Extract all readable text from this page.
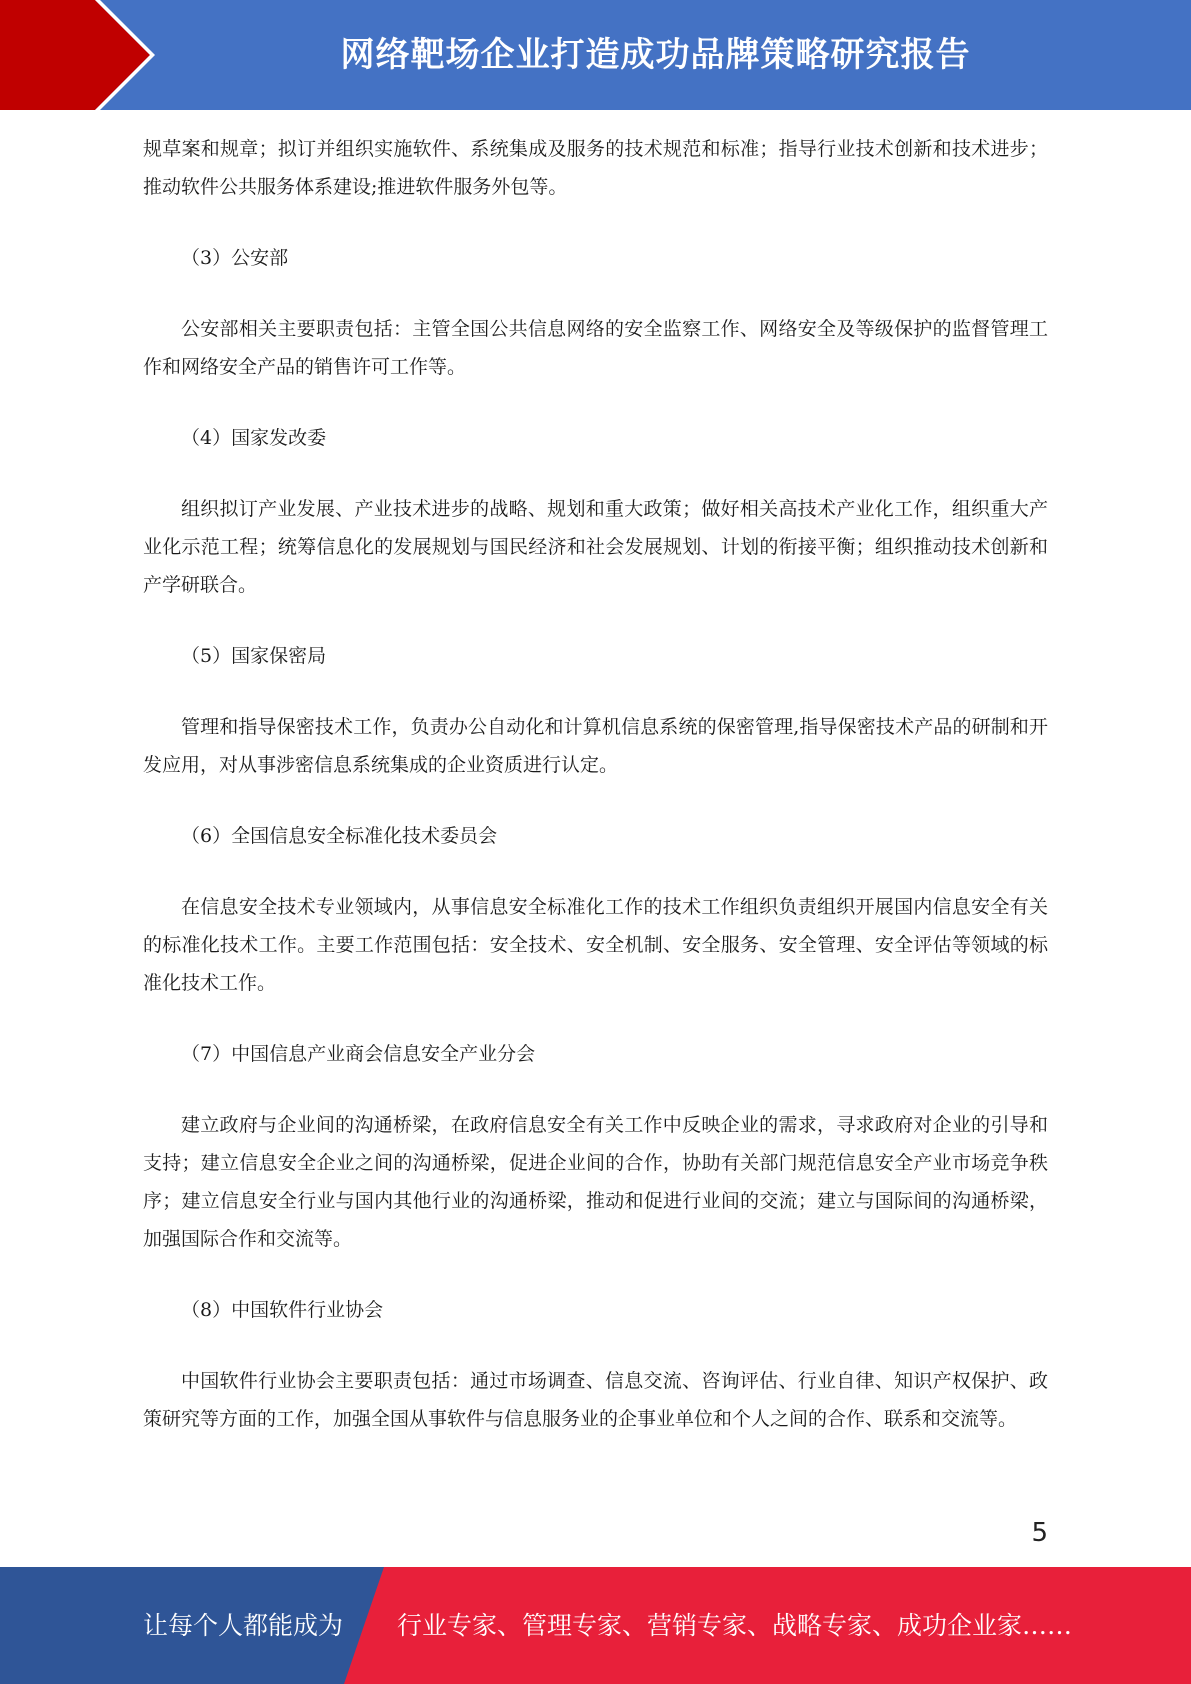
网络靶场企业打造成功品牌策略研究报告

规草案和规章；拟订并组织实施软件、系统集成及服务的技术规范和标准；指导行业技术创新和技术进步；推动软件公共服务体系建设;推进软件服务外包等。

（3）公安部

公安部相关主要职责包括：主管全国公共信息网络的安全监察工作、网络安全及等级保护的监督管理工作和网络安全产品的销售许可工作等。

（4）国家发改委

组织拟订产业发展、产业技术进步的战略、规划和重大政策；做好相关高技术产业化工作，组织重大产业化示范工程；统筹信息化的发展规划与国民经济和社会发展规划、计划的衔接平衡；组织推动技术创新和产学研联合。

（5）国家保密局

管理和指导保密技术工作，负责办公自动化和计算机信息系统的保密管理,指导保密技术产品的研制和开发应用，对从事涉密信息系统集成的企业资质进行认定。

（6）全国信息安全标准化技术委员会

在信息安全技术专业领域内，从事信息安全标准化工作的技术工作组织负责组织开展国内信息安全有关的标准化技术工作。主要工作范围包括：安全技术、安全机制、安全服务、安全管理、安全评估等领域的标准化技术工作。

（7）中国信息产业商会信息安全产业分会

建立政府与企业间的沟通桥梁，在政府信息安全有关工作中反映企业的需求，寻求政府对企业的引导和支持；建立信息安全企业之间的沟通桥梁，促进企业间的合作，协助有关部门规范信息安全产业市场竞争秩序；建立信息安全行业与国内其他行业的沟通桥梁，推动和促进行业间的交流；建立与国际间的沟通桥梁，加强国际合作和交流等。

（8）中国软件行业协会

中国软件行业协会主要职责包括：通过市场调查、信息交流、咨询评估、行业自律、知识产权保护、政策研究等方面的工作，加强全国从事软件与信息服务业的企事业单位和个人之间的合作、联系和交流等。

5
让每个人都能成为 行业专家、管理专家、营销专家、战略专家、成功企业家……
